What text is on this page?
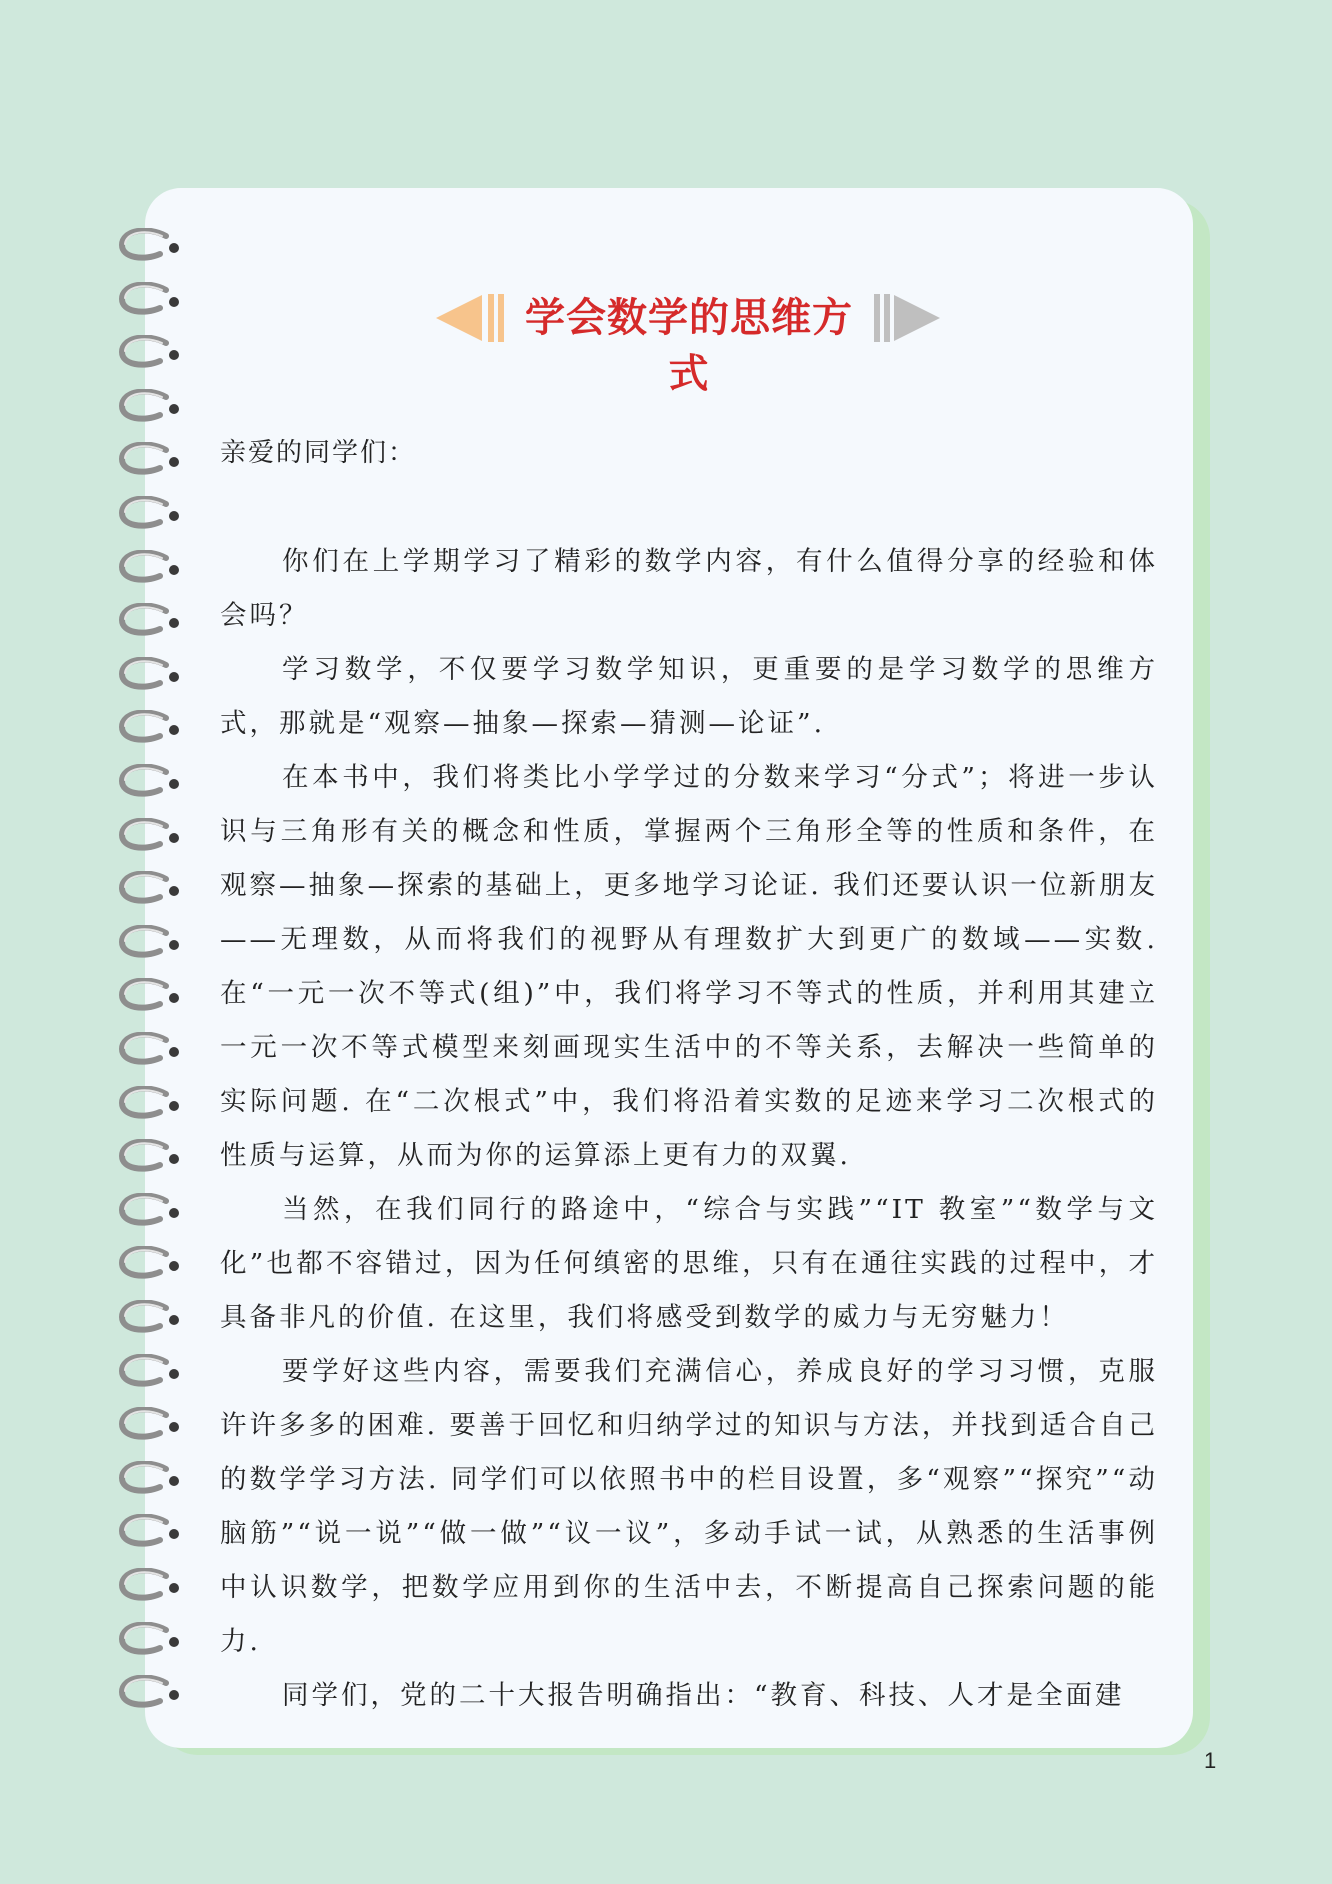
学会数学的思维方式
亲爱的同学们：

你们在上学期学习了精彩的数学内容，有什么值得分享的经验和体会吗？

学习数学，不仅要学习数学知识，更重要的是学习数学的思维方式，那就是“观察—抽象—探索—猜测—论证”.

在本书中，我们将类比小学学过的分数来学习“分式”；将进一步认识与三角形有关的概念和性质，掌握两个三角形全等的性质和条件，在观察—抽象—探索的基础上，更多地学习论证. 我们还要认识一位新朋友——无理数，从而将我们的视野从有理数扩大到更广的数域——实数. 在“一元一次不等式(组)”中，我们将学习不等式的性质，并利用其建立一元一次不等式模型来刻画现实生活中的不等关系，去解决一些简单的实际问题. 在“二次根式”中，我们将沿着实数的足迹来学习二次根式的性质与运算，从而为你的运算添上更有力的双翼.

当然，在我们同行的路途中，“综合与实践”“IT 教室”“数学与文化”也都不容错过，因为任何缜密的思维，只有在通往实践的过程中，才具备非凡的价值. 在这里，我们将感受到数学的威力与无穷魅力！

要学好这些内容，需要我们充满信心，养成良好的学习习惯，克服许许多多的困难. 要善于回忆和归纳学过的知识与方法，并找到适合自己的数学学习方法. 同学们可以依照书中的栏目设置，多“观察”“探究”“动脑筋”“说一说”“做一做”“议一议”，多动手试一试，从熟悉的生活事例中认识数学，把数学应用到你的生活中去，不断提高自己探索问题的能力.

同学们，党的二十大报告明确指出：“教育、科技、人才是全面建

1
